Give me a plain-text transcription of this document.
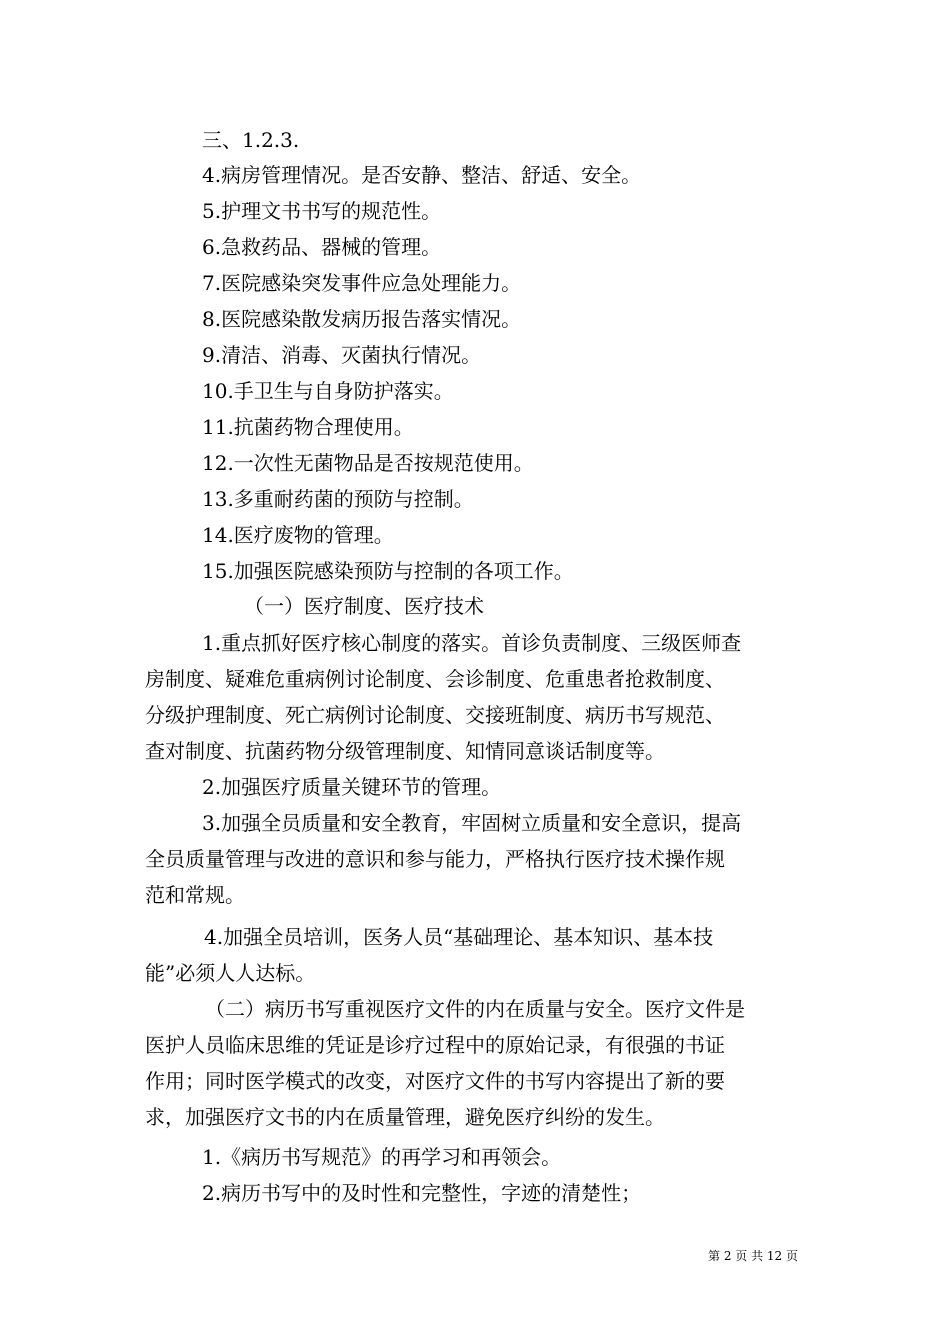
三、1.2.3.
4.病房管理情况。是否安静、整洁、舒适、安全。
5.护理文书书写的规范性。
6.急救药品、器械的管理。
7.医院感染突发事件应急处理能力。
8.医院感染散发病历报告落实情况。
9.清洁、消毒、灭菌执行情况。
10.手卫生与自身防护落实。
11.抗菌药物合理使用。
12.一次性无菌物品是否按规范使用。
13.多重耐药菌的预防与控制。
14.医疗废物的管理。
15.加强医院感染预防与控制的各项工作。
（一）医疗制度、医疗技术
1.重点抓好医疗核心制度的落实。首诊负责制度、三级医师查
房制度、疑难危重病例讨论制度、会诊制度、危重患者抢救制度、
分级护理制度、死亡病例讨论制度、交接班制度、病历书写规范、
查对制度、抗菌药物分级管理制度、知情同意谈话制度等。
2.加强医疗质量关键环节的管理。
3.加强全员质量和安全教育，牢固树立质量和安全意识，提高
全员质量管理与改进的意识和参与能力，严格执行医疗技术操作规
范和常规。
4.加强全员培训，医务人员“基础理论、基本知识、基本技
能”必须人人达标。
（二）病历书写重视医疗文件的内在质量与安全。医疗文件是
医护人员临床思维的凭证是诊疗过程中的原始记录，有很强的书证
作用；同时医学模式的改变，对医疗文件的书写内容提出了新的要
求，加强医疗文书的内在质量管理，避免医疗纠纷的发生。
1.《病历书写规范》的再学习和再领会。
2.病历书写中的及时性和完整性，字迹的清楚性；
第 2 页 共 12 页
